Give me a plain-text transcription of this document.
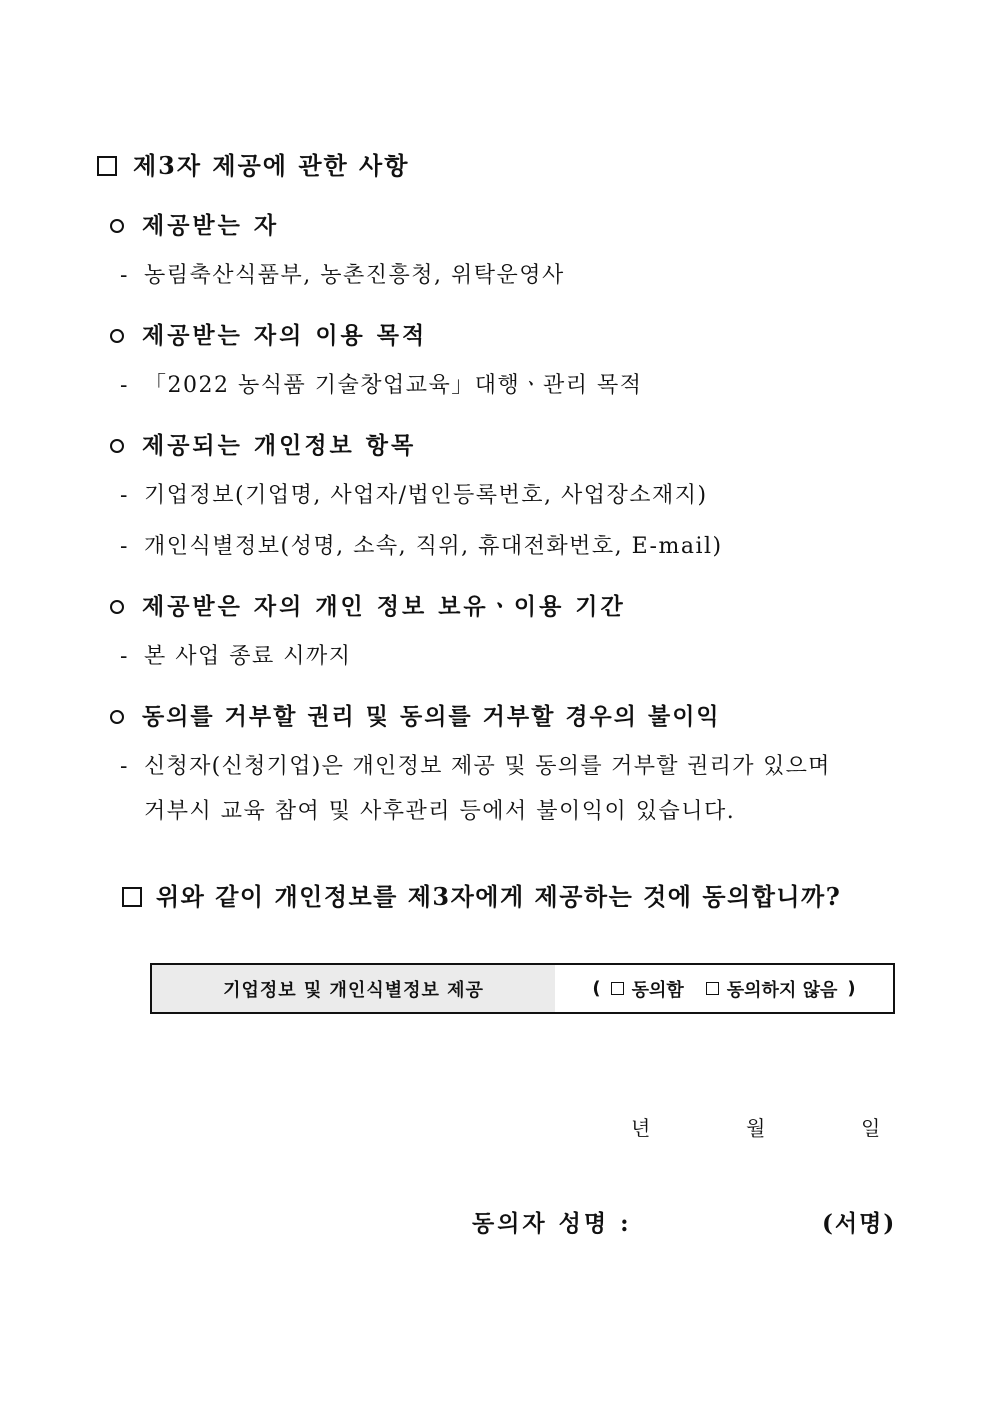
제3자 제공에 관한 사항
제공받는 자
- 농림축산식품부, 농촌진흥청, 위탁운영사
제공받는 자의 이용 목적
- 「2022 농식품 기술창업교육」대행ㆍ관리 목적
제공되는 개인정보 항목
- 기업정보(기업명, 사업자/법인등록번호, 사업장소재지)
- 개인식별정보(성명, 소속, 직위, 휴대전화번호, E-mail)
제공받은 자의 개인 정보 보유ㆍ이용 기간
- 본 사업 종료 시까지
동의를 거부할 권리 및 동의를 거부할 경우의 불이익
- 신청자(신청기업)은 개인정보 제공 및 동의를 거부할 권리가 있으며
거부시 교육 참여 및 사후관리 등에서 불이익이 있습니다.
위와 같이 개인정보를 제3자에게 제공하는 것에 동의합니까?
기업정보 및 개인식별정보 제공	( 동의함 동의하지 않음 )
년	월	일
동의자 성명 :	(서명)
